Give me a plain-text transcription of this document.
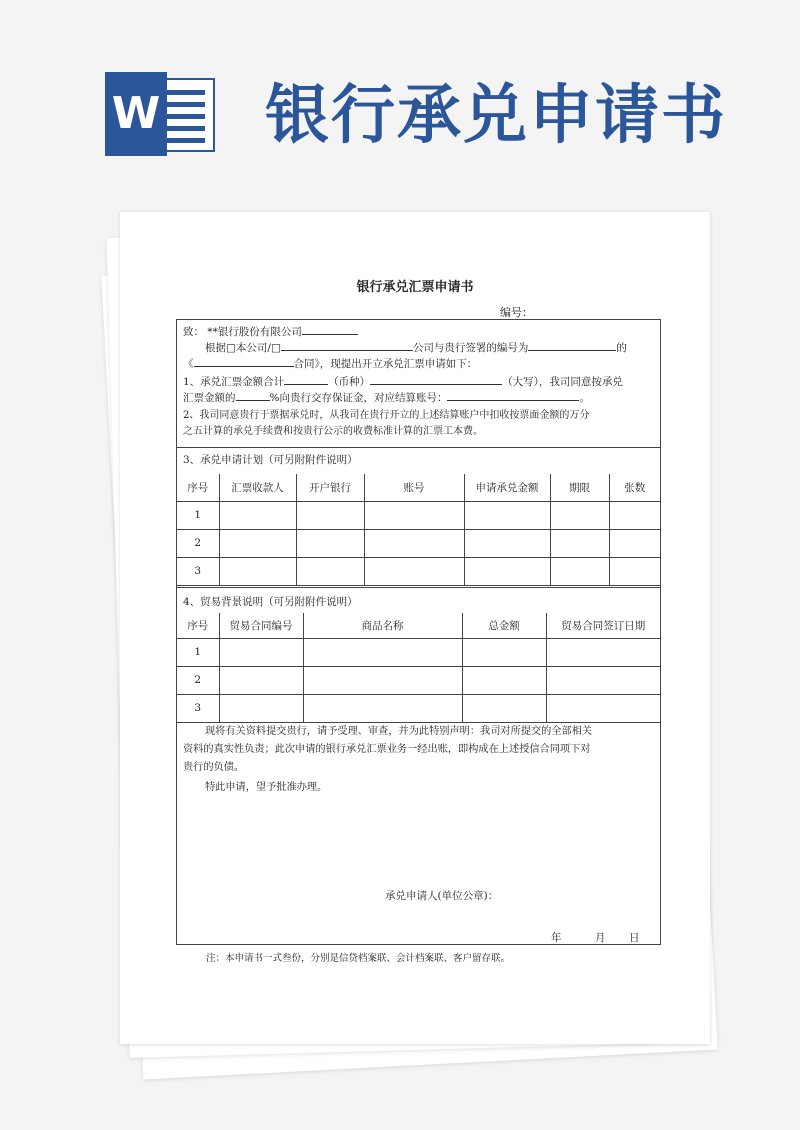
W 银行承兑申请书
银行承兑汇票申请书
编号：
致： **银行股份有限公司
根据□本公司/□	公司与贵行签署的编号为	的
《	合同》，现提出开立承兑汇票申请如下：
1、承兑汇票金额合计	（币种）	（大写），我司同意按承兑
汇票金额的	%向贵行交存保证金，对应结算账号：	。
2、我司同意贵行于票据承兑时，从我司在贵行开立的上述结算账户中扣收按票面金额的万分
之五计算的承兑手续费和按贵行公示的收费标准计算的汇票工本费。
3、承兑申请计划（可另附附件说明）
序号	汇票收款人	开户银行	账号	申请承兑金额	期限	张数
1						
2						
3						
4、贸易背景说明（可另附附件说明）
序号	贸易合同编号	商品名称	总金额	贸易合同签订日期
1				
2				
3				
现将有关资料提交贵行，请予受理、审查，并为此特别声明：我司对所提交的全部相关
资料的真实性负责；此次申请的银行承兑汇票业务一经出账，即构成在上述授信合同项下对
贵行的负债。
特此申请，望予批准办理。
承兑申请人(单位公章)：
年	月 日
注：本申请书一式叁份，分别是信贷档案联、会计档案联、客户留存联。
